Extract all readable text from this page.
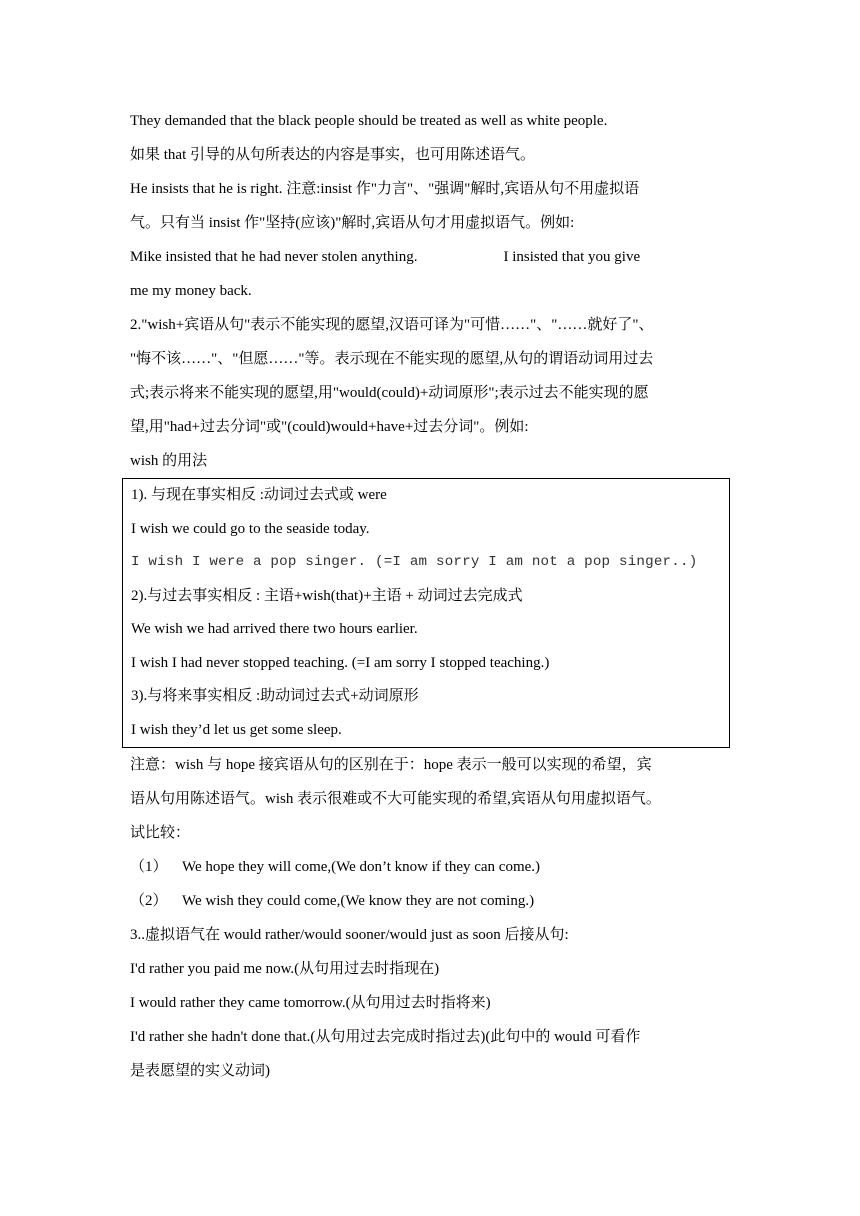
They demanded that the black people should be treated as well as white people.
如果 that 引导的从句所表达的内容是事实，也可用陈述语气。
He insists that he is right. 注意:insist 作"力言"、"强调"解时,宾语从句不用虚拟语
气。只有当 insist 作"坚持(应该)"解时,宾语从句才用虚拟语气。例如:
Mike insisted that he had never stolen anything.	I insisted that you give
me my money back.
2."wish+宾语从句"表示不能实现的愿望,汉语可译为"可惜……"、"……就好了"、
"悔不该……"、"但愿……"等。表示现在不能实现的愿望,从句的谓语动词用过去
式;表示将来不能实现的愿望,用"would(could)+动词原形";表示过去不能实现的愿
望,用"had+过去分词"或"(could)would+have+过去分词"。例如:
wish 的用法
1). 与现在事实相反 :动词过去式或 were
I wish we could go to the seaside today.
I wish I were a pop singer. (=I am sorry I am not a pop singer..)
2).与过去事实相反 : 主语+wish(that)+主语 + 动词过去完成式
We wish we had arrived there two hours earlier.
I wish I had never stopped teaching. (=I am sorry I stopped teaching.)
3).与将来事实相反 :助动词过去式+动词原形
I wish they’d let us get some sleep.
注意：wish 与 hope 接宾语从句的区别在于：hope 表示一般可以实现的希望，宾
语从句用陈述语气。wish 表示很难或不大可能实现的希望,宾语从句用虚拟语气。
试比较：
（1） We hope they will come,(We don’t know if they can come.)
（2） We wish they could come,(We know they are not coming.)
3..虚拟语气在 would rather/would sooner/would just as soon 后接从句:
I'd rather you paid me now.(从句用过去时指现在)
I would rather they came tomorrow.(从句用过去时指将来)
I'd rather she hadn't done that.(从句用过去完成时指过去)(此句中的 would 可看作
是表愿望的实义动词)
